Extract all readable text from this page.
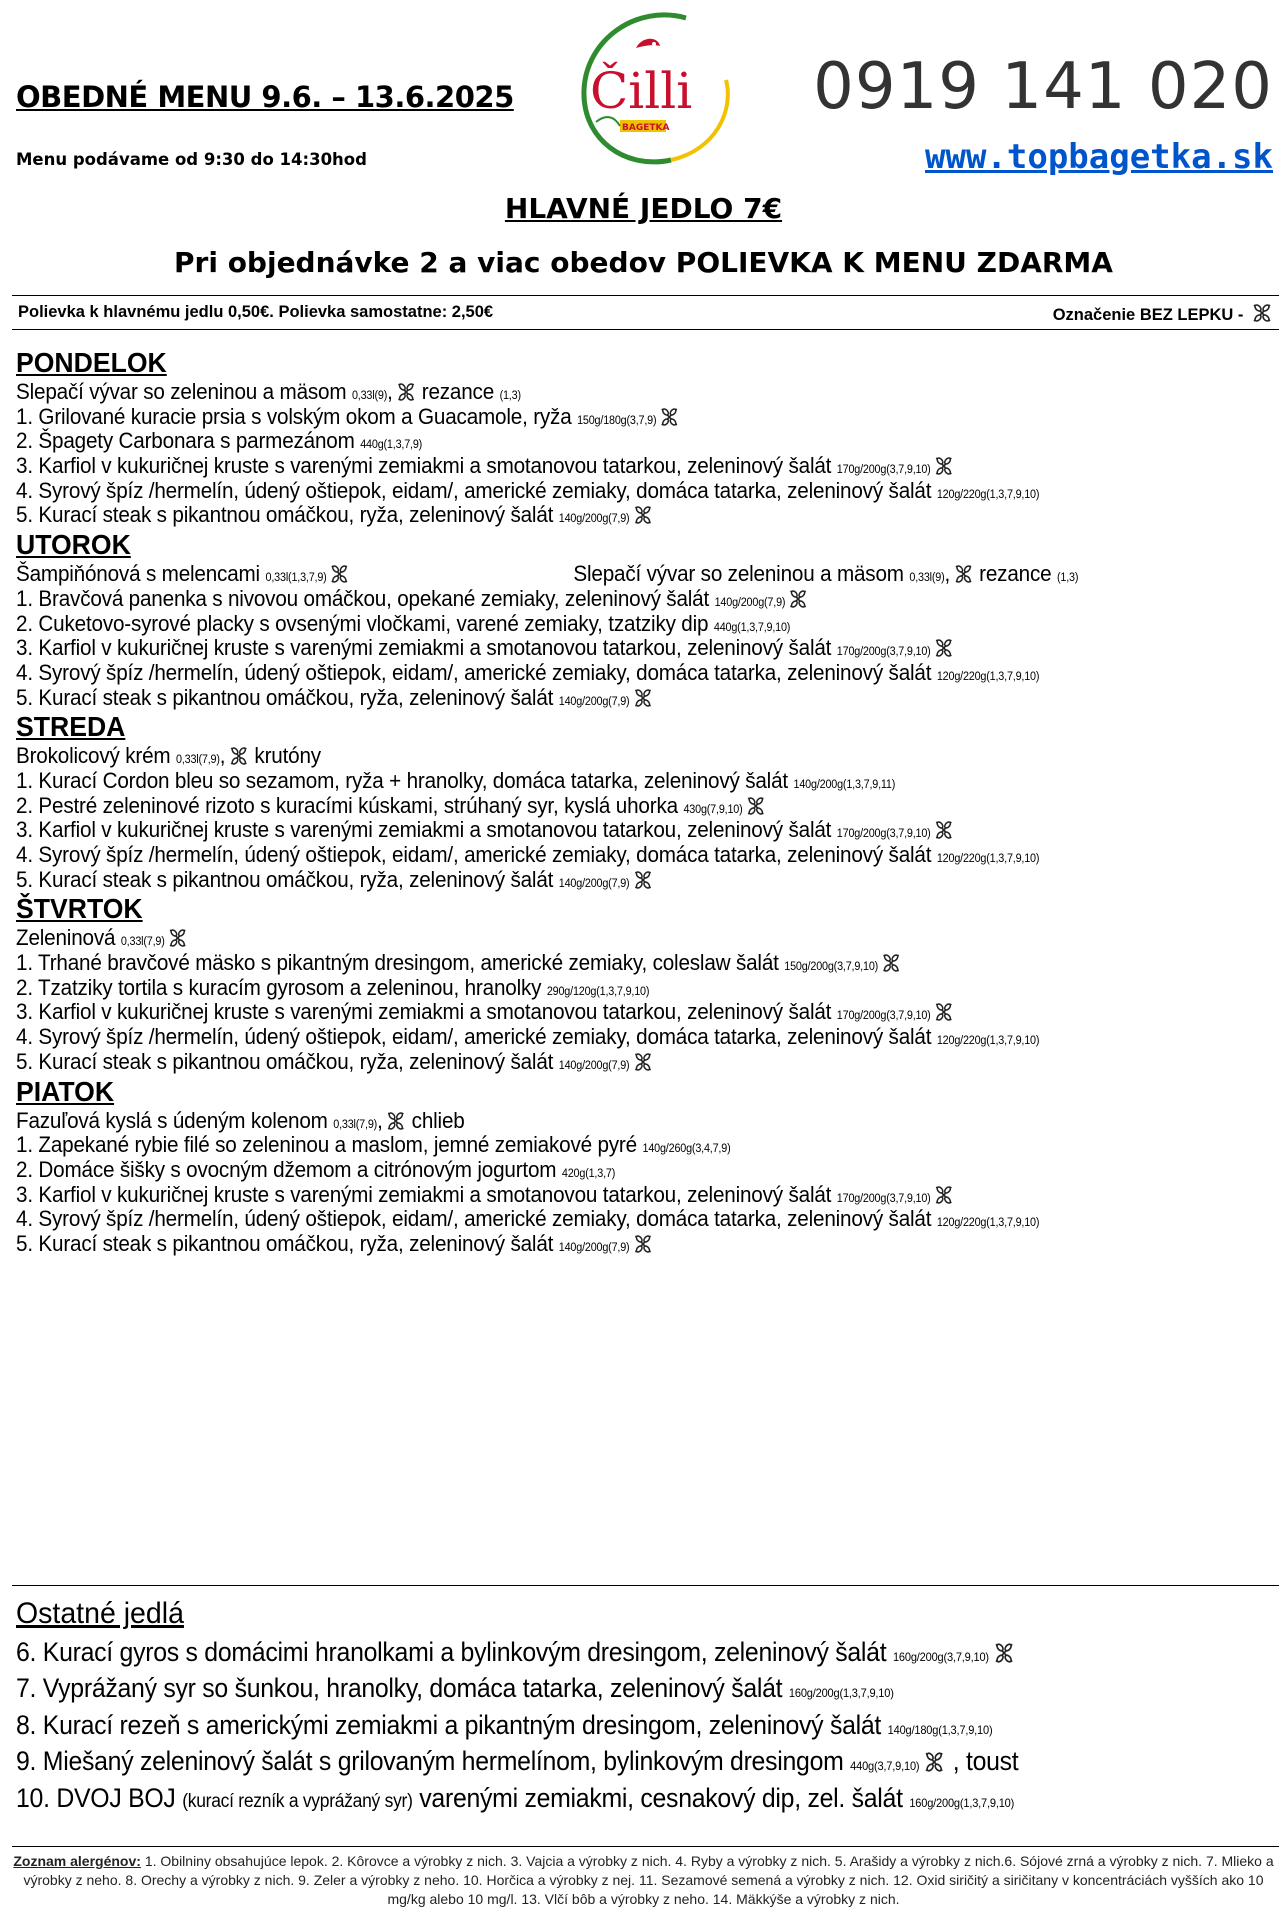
OBEDNÉ MENU 9.6. – 13.6.2025
Menu podávame od 9:30 do 14:30hod
Čilli
BAGETKA
0919 141 020
www.topbagetka.sk
HLAVNÉ JEDLO 7€
Pri objednávke 2 a viac obedov POLIEVKA K MENU ZDARMA
Polievka k hlavnému jedlu 0,50€. Polievka samostatne: 2,50€	Označenie BEZ LEPKU -
PONDELOK
Slepačí vývar so zeleninou a mäsom 0,33l(9), rezance (1,3)
1. Grilované kuracie prsia s volským okom a Guacamole, ryža 150g/180g(3,7,9)
2. Špagety Carbonara s parmezánom 440g(1,3,7,9)
3. Karfiol v kukuričnej kruste s varenými zemiakmi a smotanovou tatarkou, zeleninový šalát 170g/200g(3,7,9,10)
4. Syrový špíz /hermelín, údený oštiepok, eidam/, americké zemiaky, domáca tatarka, zeleninový šalát 120g/220g(1,3,7,9,10)
5. Kurací steak s pikantnou omáčkou, ryža, zeleninový šalát 140g/200g(7,9)
UTOROK
Šampiňónová s melencami 0,33l(1,3,7,9)	Slepačí vývar so zeleninou a mäsom 0,33l(9), rezance (1,3)
1. Bravčová panenka s nivovou omáčkou, opekané zemiaky, zeleninový šalát 140g/200g(7,9)
2. Cuketovo-syrové placky s ovsenými vločkami, varené zemiaky, tzatziky dip 440g(1,3,7,9,10)
3. Karfiol v kukuričnej kruste s varenými zemiakmi a smotanovou tatarkou, zeleninový šalát 170g/200g(3,7,9,10)
4. Syrový špíz /hermelín, údený oštiepok, eidam/, americké zemiaky, domáca tatarka, zeleninový šalát 120g/220g(1,3,7,9,10)
5. Kurací steak s pikantnou omáčkou, ryža, zeleninový šalát 140g/200g(7,9)
STREDA
Brokolicový krém 0,33l(7,9), krutóny
1. Kurací Cordon bleu so sezamom, ryža + hranolky, domáca tatarka, zeleninový šalát 140g/200g(1,3,7,9,11)
2. Pestré zeleninové rizoto s kuracími kúskami, strúhaný syr, kyslá uhorka 430g(7,9,10)
3. Karfiol v kukuričnej kruste s varenými zemiakmi a smotanovou tatarkou, zeleninový šalát 170g/200g(3,7,9,10)
4. Syrový špíz /hermelín, údený oštiepok, eidam/, americké zemiaky, domáca tatarka, zeleninový šalát 120g/220g(1,3,7,9,10)
5. Kurací steak s pikantnou omáčkou, ryža, zeleninový šalát 140g/200g(7,9)
ŠTVRTOK
Zeleninová 0,33l(7,9)
1. Trhané bravčové mäsko s pikantným dresingom, americké zemiaky, coleslaw šalát 150g/200g(3,7,9,10)
2. Tzatziky tortila s kuracím gyrosom a zeleninou, hranolky 290g/120g(1,3,7,9,10)
3. Karfiol v kukuričnej kruste s varenými zemiakmi a smotanovou tatarkou, zeleninový šalát 170g/200g(3,7,9,10)
4. Syrový špíz /hermelín, údený oštiepok, eidam/, americké zemiaky, domáca tatarka, zeleninový šalát 120g/220g(1,3,7,9,10)
5. Kurací steak s pikantnou omáčkou, ryža, zeleninový šalát 140g/200g(7,9)
PIATOK
Fazuľová kyslá s údeným kolenom 0,33l(7,9), chlieb
1. Zapekané rybie filé so zeleninou a maslom, jemné zemiakové pyré 140g/260g(3,4,7,9)
2. Domáce šišky s ovocným džemom a citrónovým jogurtom 420g(1,3,7)
3. Karfiol v kukuričnej kruste s varenými zemiakmi a smotanovou tatarkou, zeleninový šalát 170g/200g(3,7,9,10)
4. Syrový špíz /hermelín, údený oštiepok, eidam/, americké zemiaky, domáca tatarka, zeleninový šalát 120g/220g(1,3,7,9,10)
5. Kurací steak s pikantnou omáčkou, ryža, zeleninový šalát 140g/200g(7,9)
Ostatné jedlá
6. Kurací gyros s domácimi hranolkami a bylinkovým dresingom, zeleninový šalát 160g/200g(3,7,9,10)
7. Vyprážaný syr so šunkou, hranolky, domáca tatarka, zeleninový šalát 160g/200g(1,3,7,9,10)
8. Kurací rezeň s americkými zemiakmi a pikantným dresingom, zeleninový šalát 140g/180g(1,3,7,9,10)
9. Miešaný zeleninový šalát s grilovaným hermelínom, bylinkovým dresingom 440g(3,7,9,10) , toust
10. DVOJ BOJ (kurací rezník a vyprážaný syr) varenými zemiakmi, cesnakový dip, zel. šalát 160g/200g(1,3,7,9,10)
Zoznam alergénov: 1. Obilniny obsahujúce lepok. 2. Kôrovce a výrobky z nich. 3. Vajcia a výrobky z nich. 4. Ryby a výrobky z nich. 5. Arašidy a výrobky z nich.6. Sójové zrná a výrobky z nich. 7. Mlieko a výrobky z neho. 8. Orechy a výrobky z nich. 9. Zeler a výrobky z neho. 10. Horčica a výrobky z nej. 11. Sezamové semená a výrobky z nich. 12. Oxid siričitý a siričitany v koncentráciách vyšších ako 10 mg/kg alebo 10 mg/l. 13. Vlčí bôb a výrobky z neho. 14. Mäkkýše a výrobky z nich.
